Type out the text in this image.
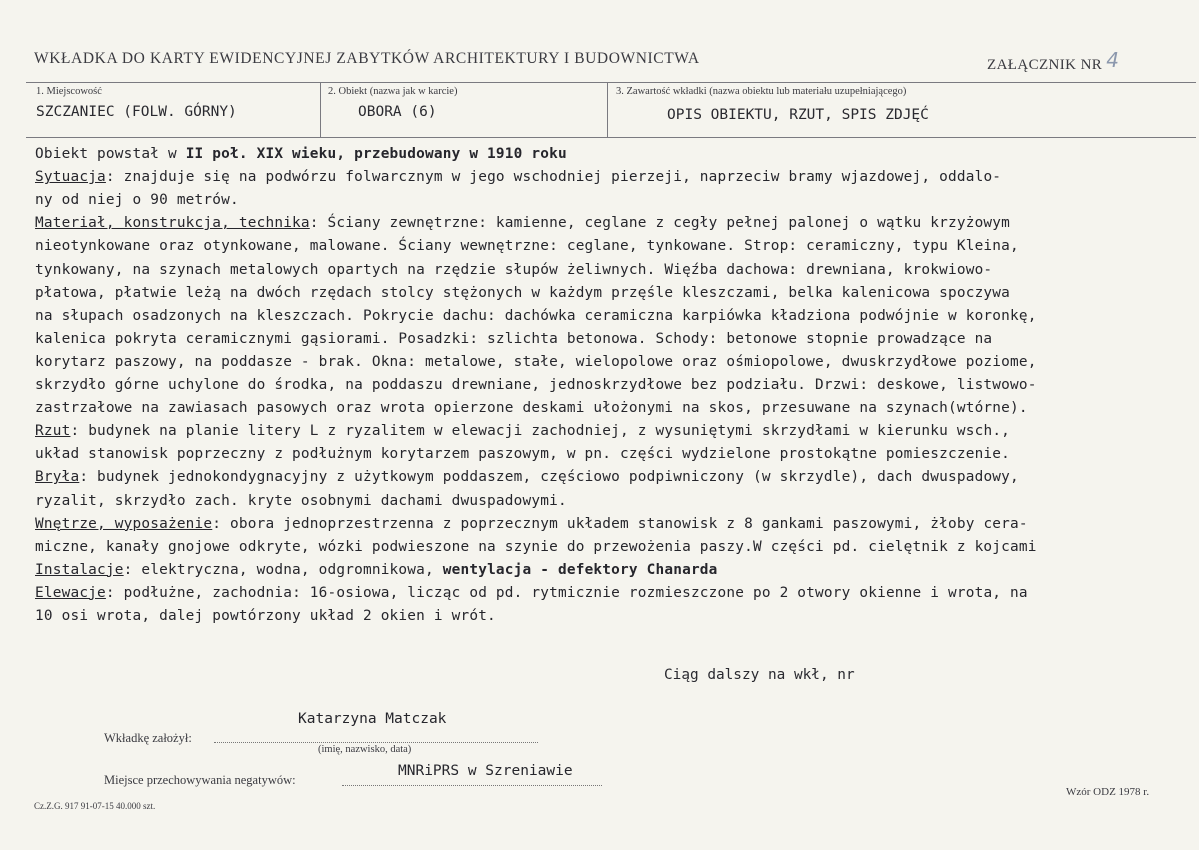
WKŁADKA DO KARTY EWIDENCYJNEJ ZABYTKÓW ARCHITEKTURY I BUDOWNICTWA	ZAŁĄCZNIK NR 4
1. Miejscowość
SZCZANIEC (FOLW. GÓRNY)
2. Obiekt (nazwa jak w karcie)
OBORA (6)
3. Zawartość wkładki (nazwa obiektu lub materiału uzupełniającego)
OPIS OBIEKTU, RZUT, SPIS ZDJĘĆ
Obiekt powstał w II poł. XIX wieku, przebudowany w 1910 roku
Sytuacja: znajduje się na podwórzu folwarcznym w jego wschodniej pierzeji, naprzeciw bramy wjazdowej, oddalo-
ny od niej o 90 metrów.
Materiał, konstrukcja, technika: Ściany zewnętrzne: kamienne, ceglane z cegły pełnej palonej o wątku krzyżowym
nieotynkowane oraz otynkowane, malowane. Ściany wewnętrzne: ceglane, tynkowane. Strop: ceramiczny, typu Kleina,
tynkowany, na szynach metalowych opartych na rzędzie słupów żeliwnych. Więźba dachowa: drewniana, krokwiowo-
płatowa, płatwie leżą na dwóch rzędach stolcy stężonych w każdym przęśle kleszczami, belka kalenicowa spoczywa
na słupach osadzonych na kleszczach. Pokrycie dachu: dachówka ceramiczna karpiówka kładziona podwójnie w koronkę,
kalenica pokryta ceramicznymi gąsiorami. Posadzki: szlichta betonowa. Schody: betonowe stopnie prowadzące na
korytarz paszowy, na poddasze - brak. Okna: metalowe, stałe, wielopolowe oraz ośmiopolowe, dwuskrzydłowe poziome,
skrzydło górne uchylone do środka, na poddaszu drewniane, jednoskrzydłowe bez podziału. Drzwi: deskowe, listwowo-
zastrzałowe na zawiasach pasowych oraz wrota opierzone deskami ułożonymi na skos, przesuwane na szynach(wtórne).
Rzut: budynek na planie litery L z ryzalitem w elewacji zachodniej, z wysuniętymi skrzydłami w kierunku wsch.,
układ stanowisk poprzeczny z podłużnym korytarzem paszowym, w pn. części wydzielone prostokątne pomieszczenie.
Bryła: budynek jednokondygnacyjny z użytkowym poddaszem, częściowo podpiwniczony (w skrzydle), dach dwuspadowy,
ryzalit, skrzydło zach. kryte osobnymi dachami dwuspadowymi.
Wnętrze, wyposażenie: obora jednoprzestrzenna z poprzecznym układem stanowisk z 8 gankami paszowymi, żłoby cera-
miczne, kanały gnojowe odkryte, wózki podwieszone na szynie do przewożenia paszy.W części pd. cielętnik z kojcami
Instalacje: elektryczna, wodna, odgromnikowa, wentylacja - defektory Chanarda
Elewacje: podłużne, zachodnia: 16-osiowa, licząc od pd. rytmicznie rozmieszczone po 2 otwory okienne i wrota, na
10 osi wrota, dalej powtórzony układ 2 okien i wrót.
Ciąg dalszy na wkł, nr
Katarzyna Matczak
Wkładkę założył:
(imię, nazwisko, data)
MNRiPRS w Szreniawie
Miejsce przechowywania negatywów:
Cz.Z.G. 917 91-07-15 40.000 szt.
Wzór ODZ 1978 r.
